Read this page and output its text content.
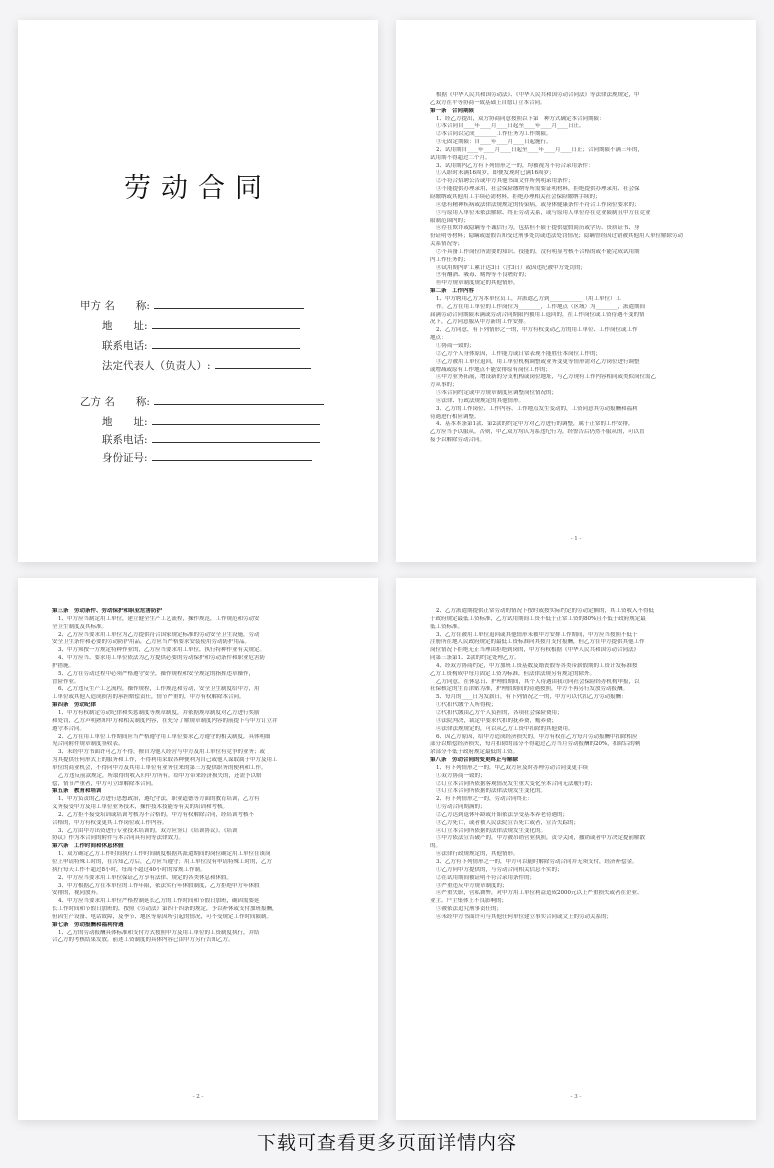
劳动合同
甲方 名　　称:
地　　址:
联系电话:
法定代表人（负责人）:
乙方 名　　称:
地　　址:
联系电话:
身份证号:

根据《中华人民共和国劳动法》、《中华人民共和国劳动合同法》等法律法规规定，甲

乙双方在平等协商一致基础上自愿订立本合同。

第一条　合同期限

1、经乙方提出，双方协商同意按照以下第　种方式确定本合同期限：

①本合同自____年____月____日起至____年____月____日止。

②本合同以完成________工作任务为工作期限。

③无固定期限：自____年____月____日起施行。

2、试用期自____年____月____日起至____年____月____日止；合同期限不满三年的，

试用期不得超过二个月。

3、试用期内乙方有下列情形之一的，均被视为不符合录用条件：

①入职时未满16周岁，即便发现时已满16周岁；

②不符合招聘公告或甲方其他书面文件所列明录用条件；

③不能提供办理录用，社会保险缴纳等所需要证明材料，拒绝提供办理录用、社会保

险缴纳或其他用工手续必需材料，拒绝办理相关社会保险缴纳手续的；

④患有精神疾病或法律法规规定的传染病，或身体健康条件不符合工作岗位要求的；

⑤与原用人单位未依法解除、终止劳动关系，或与原用人单位存在竞业限制且甲方在竞业

限制范围内的；

⑥存在欺诈或隐瞒等不诚信行为，包括但不限于提供虚假简历或学历、资质证书、身

份证明等材料；隐瞒或虚假告知受过刑事处罚或违法处罚情况；隐瞒曾经因过错被其他用人单位解除劳动

关系情况等；

⑦不具备工作岗位所需要的知识、技能的，没有明显考核不合格的或不能完成试用期

内工作任务的；

⑧试用期内旷工累计达3日（含3日）或因违纪被甲方处罚的；

⑨有酗酒、吸毒、赌博等不良嗜好的；

⑩甲方规章制度规定的其他情形。

第二条　工作内容

1、甲方聘用乙方为本单位员工，并派遣乙方到____________（用工单位）工

作。乙方在用工单位的工作岗位为________，工作地点（区域）为________，派遣期间

届满劳动合同期限未满或劳动合同期限内被用工退回的，在工作岗位或工资待遇不变的情

况下，乙方同意服从甲方新的工作安排。

2、乙方同意，有下列情形之一的，甲方有权变动乙方的用工单位、工作岗位或工作

地点：

①协商一致的；

②乙方个人身体原因，工作能力或日常表现不能胜任本岗位工作的；

③乙方被用工单位退回，用工单位机构调整或业务变更等情形需对乙方岗位进行调整

或增减或原有工作地点不能安排原有岗位工作的；

④甲方业务拓展，增设新的分支机构或岗位地址，与乙方现有工作内容相同或类似岗位需乙

方从事的；

⑤本合同约定或甲方规章制度应调整岗位情况的；

⑥法律、行政法规规定的其他情形。

3、乙方的工作岗位、工作内容、工作地点发生变动的，工资同意其劳动报酬和福利

待遇进行相应调整。

4、基本本条第1款、第2款的约定甲方对乙方进行的调整，属于正常的工作安排，

乙方应当予以服从。否则，甲乙双方均认为系违纪行为，经警告后仍然不服从的，可以直

接予以解除劳动合同。

- 1 -

第三条　劳动条件、劳动保护和职业危害防护

1、甲方应当制定用工单位，建立健全生产工艺流程，操作规范，工作规范和劳动安

全卫生制度及其标准。

2、乙方应当要求用工单位为乙方提供符合国家规定标准的劳动安全卫生设施，劳动

安全卫生条件和必要的劳动防护用品，乙方应当严格要求安装使用劳动防护用品。

3、甲方须按一方规定特种作业的，乙方应当要求用工单位，执行特种作业有关规定。

4、甲方应当、要求用工单位依法为乙方提供必要的劳动保护和劳动条件和职业危害防

护措施。

5、乙方在劳动过程中必须严格遵守安全，操作规程和安全规定的指挥违章操作，

冒险作业。

6、乙方违反生产工艺流程，操作规程，工作规范和劳动，安全卫生制度给甲方，用

工单位或其他人造成损害的承担赔偿责任，情节严重的，甲方有权解除本合同。

第四条　劳动纪律

1、甲方有权制定劳动纪律和奖惩制度等规章制度，并依据规章制度对乙方进行奖励

和处罚，乙方声明熟知甲方和相关制度内容，在充分了解规章制度内容的前提下与甲方订立并

遵守本合同。

2、乙方在用工单位工作期间应当严格遵守用工单位要求乙方遵守的相关制度，具体明细

见合同附件规章制度签收表。

3、未经甲方书面许可乙方不得，擅自为他人经营与甲方及用工单位有竞争的业务；或

为其提供任何形式上的服务和工作，不得利用采取各种便利为自己或他人谋取属于甲方及用工

单位的商业机会，不得向甲方及其用工单位有业务往来的第三方提供职务的便利和工作。

乙方违反前款规定，所取得的收入归甲方所有。给甲方带来经济损失的，还需予以赔

偿，情节严重者，甲方可立即解除本合同。

第五条　教育和培训

1、甲方负责的乙方进行思想政治，遵纪守法，职业道德等方面的教育培训，乙方有

义务接受甲方及用工单位业务技术，操作技术技能等有关的培训和考核。

2、乙方拒不接受培训或培训考核为不合格的，甲方有权解除合同，经培训考核不

合格的，甲方有权变更其工作岗位或工作内容。

3、乙方由甲方出资进行专业技术培训的，双方应签订《培训协议》。《培训

协议》作为本合同的附件与本合同具有同等法律效力。

第六条　工作时间和休息休假

1、双方确定乙方工作时间执行工作时间制度根据其派遣期间的岗位确定用工单位在该岗

位上申请特殊工时的，在告知乙方后，乙方应当遵守；用工单位没有申请特殊工时的，乙方

执行每天工作不超过8小时，每周不超过40小时的常规工作制。

2、甲方应当要求用工单位保证乙方享有法律、规定的各类休息和休假。

3、甲方根据乙方在本单位的工作年限，依法实行年休假制度，乙方拒绝甲方年休假

安排的，视同放弃。

4、甲方应当要求用工单位严格控制延长乙方的工作时间和节假日加班，确因需要延

长工作时间和节假日加班的，按照《劳动法》第四十四条的规定，予以补休或支付加班报酬，

但因生产设备、电话故障，及季节、地区等原因所引起的情况，可不受规定工作时间限制。

第七条　劳动报酬和福利待遇

1、乙方的劳动报酬具体标准和支付方式按照甲方及用工单位的工资制度执行，并结

合乙方的考核结果发放，前述工资制度的具体内容已由甲方另行告知乙方。

- 2 -

2、乙方派遣期提供正常劳动的情况下按时或按实际约定的劳动定额的，其工资收入不得低

于政府规定最低工资标准，乙方试用期间工资不低于正常工资的80%且不低于政府规定最

低工资标准。

3、乙方在被用工单位退回或其他情形未被甲方安排工作期间，甲方应当按照不低于

注册所在地人民政府规定的最低工资标准向其按月支付报酬，但乙方在甲方提供其他工作

岗位情况下拒绝无正当理由拒绝到岗的，甲方有权根据《中华人民共和国劳动合同法》

同第三条第1、2款的约定处理乙方。

4、经双方协商约定，甲方加班工资基数及婚丧假等各类带薪假期的工资计发标准按

乙方工资构成中每月固定工资为标准，但法律法规另有规定的除外。

乙方同意，在休息日、护理假期间，其个人待遇由我司向社会保险经办机构申报，以

社保核定的生育津贴为准，护理假期间的待遇按照，甲方不再另行发放劳动报酬。

5、每月的____日为发薪日，有下列情况之一的，甲方可以代扣乙方劳动报酬：

①代扣代缴个人所得税；

②代扣代缴由乙方个人负担的，各项社会保险费用；

③法院判决，裁定中要求代扣的抚养费，赡养费；

④法律法规规定的，可以从乙方工资中扣除的其他费用。

6、因乙方原因，给甲方造成经济损失的，甲方有权在乙方每月劳动报酬中扣除相应

部分以赔偿经济损失，每月扣除的部分不得超过乙方当月劳动报酬的20%，扣除后的剩

余部分不低于政府规定最低的工资。

第八条　劳动合同的变更终止与解除

1、有下列情形之一的，甲乙双方应及时办理劳动合同变更手续

①双方协商一致的；

②订立本合同所依据客观情况发生重大变化至本合同无法履行的；

③订立本合同所依据的法律法规发生变化的。

2、有下列情形之一的，劳动合同终止：

①劳动合同期满的；

②乙方达到退休年龄或开始依法享受基本养老待遇的；

③乙方死亡，或者被人民法院宣告死亡或者，宣告失踪的；

④订立本合同所依据的法律法规发生变化的。

⑤甲方依法宣告破产的，甲方被吊销营业执照，责令关闭，撤销或者甲方决定提前解散

的。

⑥法律行政规规定的，其他情形。

3、乙方有下列情形之一的，甲方可以随时解除劳动合同并无须支付，经济补偿金。

①乙方向甲方提供的，与劳动合同相关信息不实的；

②在试用期间被证明不符合录用条件的；

③严重违反甲方规章制度的；

④严重失职，营私舞弊，对甲方用工单位利益造成2000元以上严重损失或者在企业、

业主、户主集体上不良影响的；

⑤被依法追究刑事责任的；

⑥未经甲方书面许可与其他任何单位建立事实合同或文上的劳动关系的；

- 3 -
下载可查看更多页面详情内容
